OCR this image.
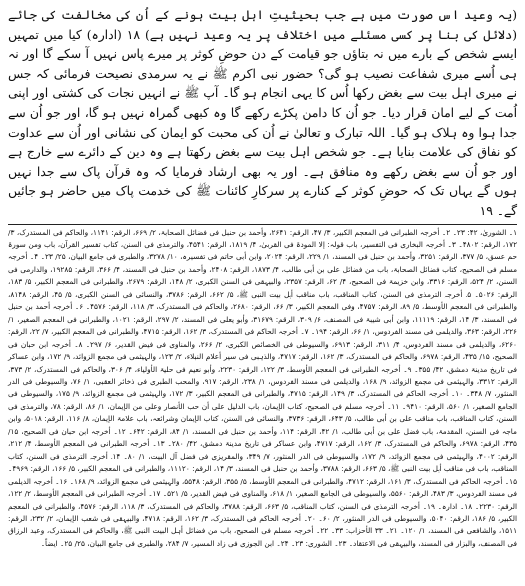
(یہ وعید اس صورت میں ہے جب بحیثیتِ اہل بیت ہونے کے اُن کی مخالفت کی جائے (دلائل کی بنا پر کسی مسئلے میں اختلاف پر یہ وعید نہیں ہے) ۱۸ (ادارہ) کیا میں تمہیں ایسے شخص کے بارے میں نہ بتاؤں جو قیامت کے دن حوضِ کوثر پر میرے پاس نہیں آ سکے گا اور نہ ہی اُسے میری شفاعت نصیب ہو گی؟ حضور نبی اکرم ﷺ نے یہ سرمدی نصیحت فرمائی کہ جس نے میری اہل بیت سے بغض رکھا اُس کا یہی انجام ہو گا۔ آپ ﷺ نے انہیں نجات کی کشتی اور اپنی اُمت کے لیے امان قرار دیا۔ جو اُن کا دامن پکڑے رکھے گا وہ کبھی گمراہ نہیں ہو گا، اور جو اُن سے جدا ہوا وہ ہلاک ہو گیا۔ اللہ تبارک و تعالیٰ نے اُن کی محبت کو ایمان کی نشانی اور اُن سے عداوت کو نفاق کی علامت بنایا ہے۔ جو شخص اہل بیت سے بغض رکھتا ہے وہ دین کے دائرے سے خارج ہے اور جو اُن سے بغض رکھے وہ منافق ہے۔ اور یہ بھی ارشاد فرمایا کہ وہ قرآن پاک سے جدا نہیں ہوں گے یہاں تک کہ حوضِ کوثر کے کنارے پر سرکارِ کائنات ﷺ کی خدمت پاک میں حاضر ہو جائیں گے۔ ۱۹

۱۔ الشوریٰ، ۴۲: ۲۳۔ ۲۔ أخرجہ الطبرانی فی المعجم الکبیر، ۳/ ۴۷، الرقم: ۲۶۴۱، وأحمد بن حنبل فی فضائل الصحابۃ، ۲/ ۶۶۹، الرقم: ۱۱۴۱، والحاکم فی المستدرک، ۳/ ۱۷۲، الرقم: ۴۸۰۲۔ ۳۔ أخرجہ البخاری فی التفسیر، باب قولہ: إلا المودۃ فی القربیٰ، ۴/ ۱۸۱۹، الرقم: ۴۵۴۱، والترمذی فی السنن، کتاب تفسیر القرآن، باب ومن سورۃ حم عسق، ۵/ ۳۷۷، الرقم: ۳۲۵۱، وأحمد بن حنبل فی المسند، ۱/ ۲۲۹، الرقم: ۲۰۲۴، وابن أبی حاتم فی تفسیرہ، ۱۰/ ۳۲۷۸، والطبری فی جامع البیان، ۲۵/ ۲۳۔ ۴۔ أخرجہ مسلم فی الصحیح، کتاب فضائل الصحابۃ، باب من فضائل علی بن أبی طالب، ۴/ ۱۸۷۳، الرقم: ۲۴۰۸، وأحمد بن حنبل فی المسند، ۴/ ۳۶۶، الرقم: ۱۹۲۸۵، والدارمی فی السنن، ۲/ ۵۲۴، الرقم: ۳۳۱۶، وابن خزیمۃ فی الصحیح، ۴/ ۶۲، الرقم: ۲۳۵۷، والبیہقی فی السنن الکبری، ۲/ ۱۴۸، الرقم: ۲۶۷۹، والطبرانی فی المعجم الکبیر، ۵/ ۱۸۳، الرقم: ۵۰۲۶۔ ۵۔ أخرجہ الترمذی فی السنن، کتاب المناقب، باب مناقب أہل بیت النبی ﷺ، ۵/ ۶۶۲، الرقم: ۳۷۸۶، والنسائی فی السنن الکبری، ۵/ ۴۵، الرقم: ۸۱۴۸، والطبرانی فی المعجم الأوسط، ۵/ ۸۹، الرقم: ۴۷۵۷، وفی المعجم الکبیر، ۳/ ۶۶، الرقم: ۲۶۸۰، والحاکم فی المستدرک، ۳/ ۱۱۸، الرقم: ۴۵۷۶۔ ۶۔ أخرجہ أحمد بن حنبل فی المسند، ۳/ ۱۴، الرقم: ۱۱۱۱۹، وابن أبی شیبۃ فی المصنف، ۶/ ۳۰۹، الرقم: ۳۱۶۷۹، وأبو یعلی فی المسند، ۲/ ۲۹۷، الرقم: ۱۰۲۱، والطبرانی فی المعجم الصغیر، ۱/ ۲۲۶، الرقم: ۳۶۳، والدیلمی فی مسند الفردوس، ۱/ ۶۶، الرقم: ۱۹۴۔ ۷۔ أخرجہ الحاکم فی المستدرک، ۳/ ۱۶۲، الرقم: ۴۷۱۵، والطبرانی فی المعجم الکبیر، ۷/ ۲۲، الرقم: ۶۲۶۰، والدیلمی فی مسند الفردوس، ۴/ ۳۱۱، الرقم: ۶۹۱۳، والسیوطی فی الخصائص الکبری، ۲/ ۲۶۶، والمناوی فی فیض القدیر، ۶/ ۲۹۷۔ ۸۔ أخرجہ ابن حبان فی الصحیح، ۱۵/ ۴۳۵، الرقم: ۶۹۷۸، والحاکم فی المستدرک، ۳/ ۱۶۲، الرقم: ۴۷۱۷، والذہبی فی سیر أعلام النبلاء، ۲/ ۱۲۳، والہیثمی فی مجمع الزوائد، ۹/ ۱۷۲، وابن عساکر فی تاریخ مدینۃ دمشق، ۴۲/ ۳۵۵۔ ۹۔ أخرجہ الطبرانی فی المعجم الأوسط، ۳/ ۱۲۲، الرقم: ۲۲۳۰، وأبو نعیم فی حلیۃ الأولیاء، ۴/ ۳۰۶، والحاکم فی المستدرک، ۲/ ۳۷۳، الرقم: ۳۳۱۲، والہیثمی فی مجمع الزوائد، ۹/ ۱۶۸، والدیلمی فی مسند الفردوس، ۱/ ۲۳۸، الرقم: ۹۱۷، والمحب الطبری فی ذخائر العقبی، ۱/ ۷۶، والسیوطی فی الدر المنثور، ۷/ ۳۴۸۔ ۱۰۔ أخرجہ الحاکم فی المستدرک، ۳/ ۱۴۹، الرقم: ۴۷۱۵، والطبرانی فی المعجم الکبیر، ۳/ ۱۷۲، والہیثمی فی مجمع الزوائد، ۹/ ۱۷۵، والسیوطی فی الجامع الصغیر، ۱/ ۵۶۰، الرقم: ۹۴۱۰۔ ۱۱۔ أخرجہ مسلم فی الصحیح، کتاب الإیمان، باب الدلیل علی أن حب الأنصار وعلی من الإیمان، ۱/ ۸۶، الرقم: ۷۸، والترمذی فی السنن، کتاب المناقب، باب مناقب علی بن أبی طالب، ۵/ ۶۴۳، الرقم: ۳۷۳۶، والنسائی فی السنن، کتاب الإیمان وشرائعہ، باب علامۃ الإیمان، ۸/ ۱۱۶، الرقم: ۵۰۱۸، وابن ماجہ فی السنن، المقدمۃ، باب فضل علی بن أبی طالب، ۱/ ۴۲، الرقم: ۱۱۴، وأحمد بن حنبل فی المسند، ۱/ ۸۴، الرقم: ۶۴۲۔ ۱۲۔ أخرجہ ابن حبان فی الصحیح، ۱۵/ ۴۳۵، الرقم: ۶۹۷۸، والحاکم فی المستدرک، ۳/ ۱۶۲، الرقم: ۴۷۱۷، وابن عساکر فی تاریخ مدینۃ دمشق، ۴۲/ ۲۸۰۔ ۱۳۔ أخرجہ الطبرانی فی المعجم الأوسط، ۴/ ۲۱۲، الرقم: ۴۰۰۲، والہیثمی فی مجمع الزوائد، ۹/ ۱۷۲، والسیوطی فی الدر المنثور، ۷/ ۳۴۹، والمقریزی فی فضل آل البیت، ۱/ ۸۰۔ ۱۴۔ أخرجہ الترمذی فی السنن، کتاب المناقب، باب فی مناقب أہل بیت النبی ﷺ، ۵/ ۶۶۳، الرقم: ۳۷۸۸، وأحمد بن حنبل فی المسند، ۳/ ۱۴، الرقم: ۱۱۱۲۰، والطبرانی فی المعجم الکبیر، ۵/ ۱۶۶، الرقم: ۴۹۶۹۔ ۱۵۔ أخرجہ الحاکم فی المستدرک، ۳/ ۱۶۱، الرقم: ۴۷۱۲، والطبرانی فی المعجم الأوسط، ۵/ ۳۵۵، الرقم: ۵۵۴۸، والہیثمی فی مجمع الزوائد، ۹/ ۱۶۸۔ ۱۶۔ أخرجہ الدیلمی فی مسند الفردوس، ۳/ ۴۸۳، الرقم: ۵۵۶۰، والسیوطی فی الجامع الصغیر، ۱/ ۶۱۸، والمناوی فی فیض القدیر، ۵/ ۵۲۱۔ ۱۷۔ أخرجہ الطبرانی فی المعجم الأوسط، ۲/ ۱۲۲، الرقم: ۲۲۳۰۔ ۱۸۔ ادارہ۔ ۱۹۔ أخرجہ الترمذی فی السنن، کتاب المناقب، ۵/ ۶۶۳، الرقم: ۳۷۸۸، والحاکم فی المستدرک، ۳/ ۱۱۸، الرقم: ۴۵۷۶، والطبرانی فی المعجم الکبیر، ۵/ ۱۸۶، الرقم: ۵۰۴۰، والسیوطی فی الدر المنثور، ۲/ ۶۰۔ ۲۰۔ أخرجہ الحاکم فی المستدرک، ۳/ ۱۶۲، الرقم: ۴۷۱۸، والبیہقی فی شعب الإیمان، ۲/ ۲۳۲، الرقم: ۱۵۱۱، والشافعی فی المسند، ۱/ ۱۲۰۔ ۲۱۔ ۳۳ الأحزاب: ۳۳۔ ۲۲۔ أخرجہ مسلم فی الصحیح، باب من فضائل أہل البیت النبی ﷺ، والحاکم فی المستدرک، وعبد الرزاق فی المصنف، والبزار فی المسند، والبیہقی فی الاعتقاد۔ ۲۳۔ الشوری: ۲۳۔ ۲۴۔ ابن الجوزی فی زاد المسیر، ۷/ ۲۸۴، والطبری فی جامع البیان، ۲۵/ ۲۵۔ ایضاً۔
